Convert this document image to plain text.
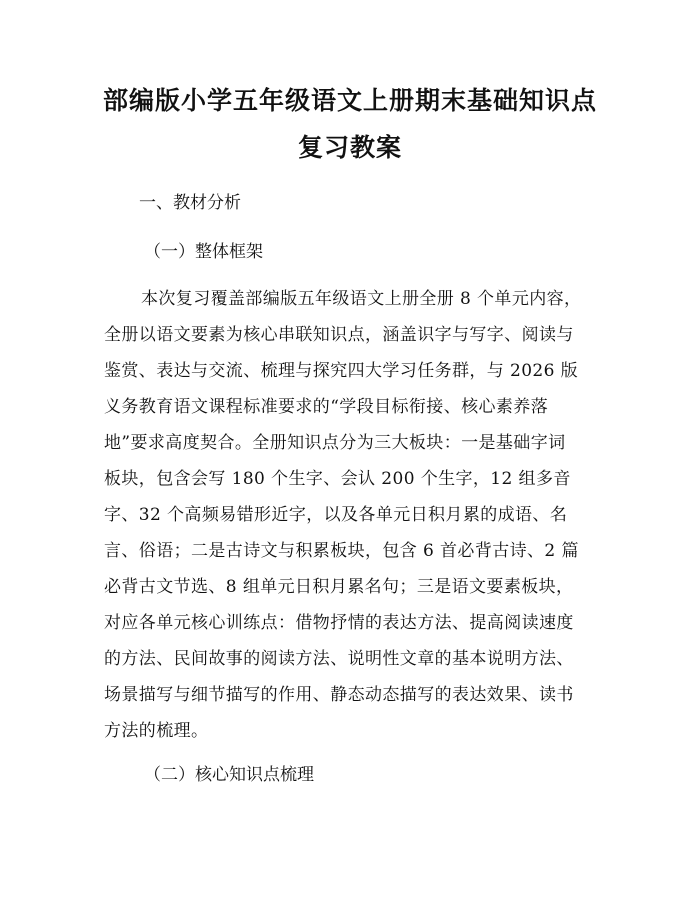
部编版小学五年级语文上册期末基础知识点
复习教案

一、教材分析

（一）整体框架

本次复习覆盖部编版五年级语文上册全册 8 个单元内容，
全册以语文要素为核心串联知识点，涵盖识字与写字、阅读与
鉴赏、表达与交流、梳理与探究四大学习任务群，与 2026 版
义务教育语文课程标准要求的“学段目标衔接、核心素养落
地”要求高度契合。全册知识点分为三大板块：一是基础字词
板块，包含会写 180 个生字、会认 200 个生字，12 组多音
字、32 个高频易错形近字，以及各单元日积月累的成语、名
言、俗语；二是古诗文与积累板块，包含 6 首必背古诗、2 篇
必背古文节选、8 组单元日积月累名句；三是语文要素板块，
对应各单元核心训练点：借物抒情的表达方法、提高阅读速度
的方法、民间故事的阅读方法、说明性文章的基本说明方法、
场景描写与细节描写的作用、静态动态描写的表达效果、读书
方法的梳理。

（二）核心知识点梳理
